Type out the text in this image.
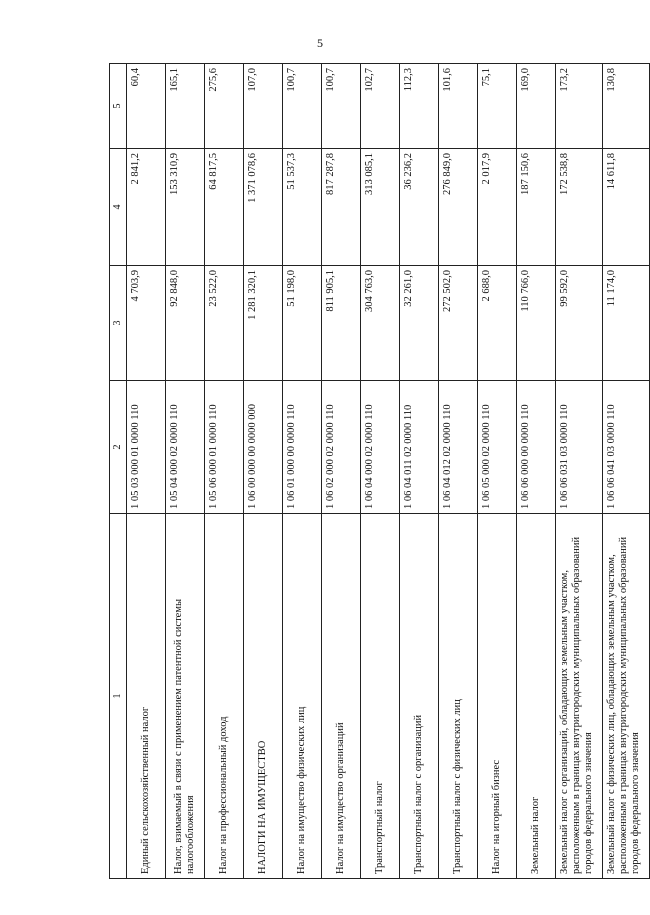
5
1	2	3	4	5
Единый сельскохозяйственный налог	1 05 03 000 01 0000 110	4 703,9	2 841,2	60,4
Налог, взимаемый в связи с применением патентной системы налогообложения	1 05 04 000 02 0000 110	92 848,0	153 310,9	165,1
Налог на профессиональный доход	1 05 06 000 01 0000 110	23 522,0	64 817,5	275,6
НАЛОГИ НА ИМУЩЕСТВО	1 06 00 000 00 0000 000	1 281 320,1	1 371 078,6	107,0
Налог на имущество физических лиц	1 06 01 000 00 0000 110	51 198,0	51 537,3	100,7
Налог на имущество организаций	1 06 02 000 02 0000 110	811 905,1	817 287,8	100,7
Транспортный налог	1 06 04 000 02 0000 110	304 763,0	313 085,1	102,7
Транспортный налог с организаций	1 06 04 011 02 0000 110	32 261,0	36 236,2	112,3
Транспортный налог с физических лиц	1 06 04 012 02 0000 110	272 502,0	276 849,0	101,6
Налог на игорный бизнес	1 06 05 000 02 0000 110	2 688,0	2 017,9	75,1
Земельный налог	1 06 06 000 00 0000 110	110 766,0	187 150,6	169,0
Земельный налог с организаций, обладающих земельным участком, расположенным в границах внутригородских муниципальных образований городов федерального значения	1 06 06 031 03 0000 110	99 592,0	172 538,8	173,2
Земельный налог с физических лиц, обладающих земельным участком, расположенным в границах внутригородских муниципальных образований городов федерального значения	1 06 06 041 03 0000 110	11 174,0	14 611,8	130,8
